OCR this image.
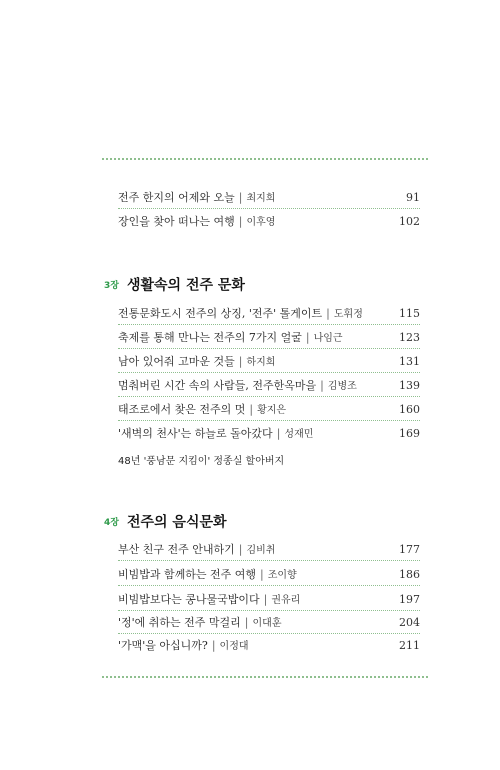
전주 한지의 어제와 오늘 | 최지희	91
장인을 찾아 떠나는 여행 | 이후영	102
3장 생활속의 전주 문화
전통문화도시 전주의 상징, '전주' 톨게이트 | 도휘정	115
축제를 통해 만나는 전주의 7가지 얼굴 | 나임근	123
남아 있어줘 고마운 것들 | 하지희	131
멈춰버린 시간 속의 사람들, 전주한옥마을 | 김병조	139
태조로에서 찾은 전주의 멋 | 황지은	160
'새벽의 천사'는 하늘로 돌아갔다 | 성재민	169
48년 '풍남문 지킴이' 정종실 할아버지
4장 전주의 음식문화
부산 친구 전주 안내하기 | 김비취	177
비빔밥과 함께하는 전주 여행 | 조이향	186
비빔밥보다는 콩나물국밥이다 | 권유리	197
'정'에 취하는 전주 막걸리 | 이대훈	204
'가맥'을 아십니까? | 이정대	211
